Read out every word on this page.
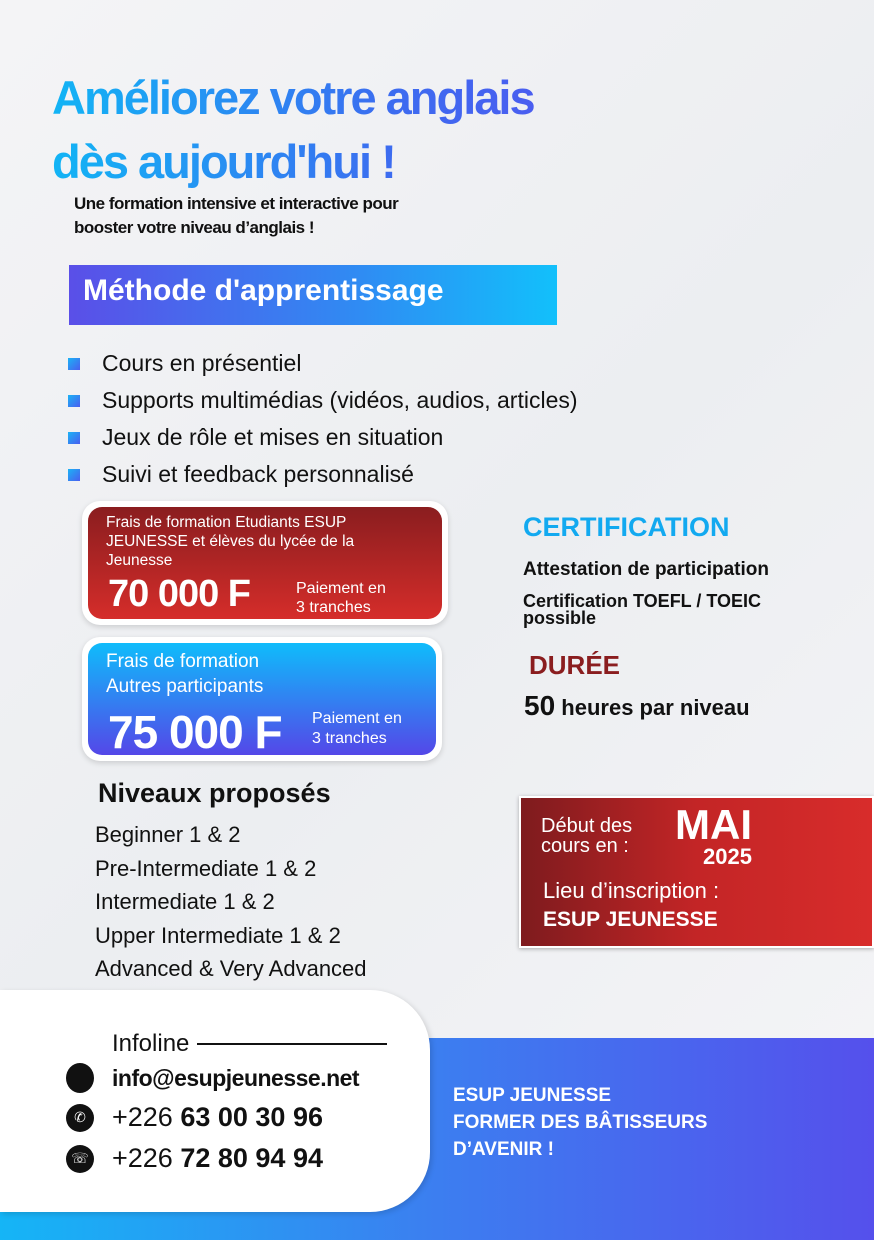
Améliorez votre anglais
dès aujourd'hui !
Une formation intensive et interactive pour
booster votre niveau d’anglais !
Méthode d'apprentissage
Cours en présentiel
Supports multimédias (vidéos, audios, articles)
Jeux de rôle et mises en situation
Suivi et feedback personnalisé
Frais de formation Etudiants ESUP
JEUNESSE et élèves du lycée de la
Jeunesse
70 000 F	Paiement en
3 tranches
Frais de formation
Autres participants
75 000 F Paiement en
3 tranches
CERTIFICATION
Attestation de participation
Certification TOEFL / TOEIC
possible
DURÉE
50 heures par niveau
Niveaux proposés
Beginner 1 & 2
Pre-Intermediate 1 & 2
Intermediate 1 & 2
Upper Intermediate 1 & 2
Advanced & Very Advanced
Début des
cours en : MAI
2025
Lieu d’inscription :
ESUP JEUNESSE
ESUP JEUNESSE
FORMER DES BÂTISSEURS
D’AVENIR !
Infoline
info@esupjeunesse.net
✆ +226 63 00 30 96
☏ +226 72 80 94 94
